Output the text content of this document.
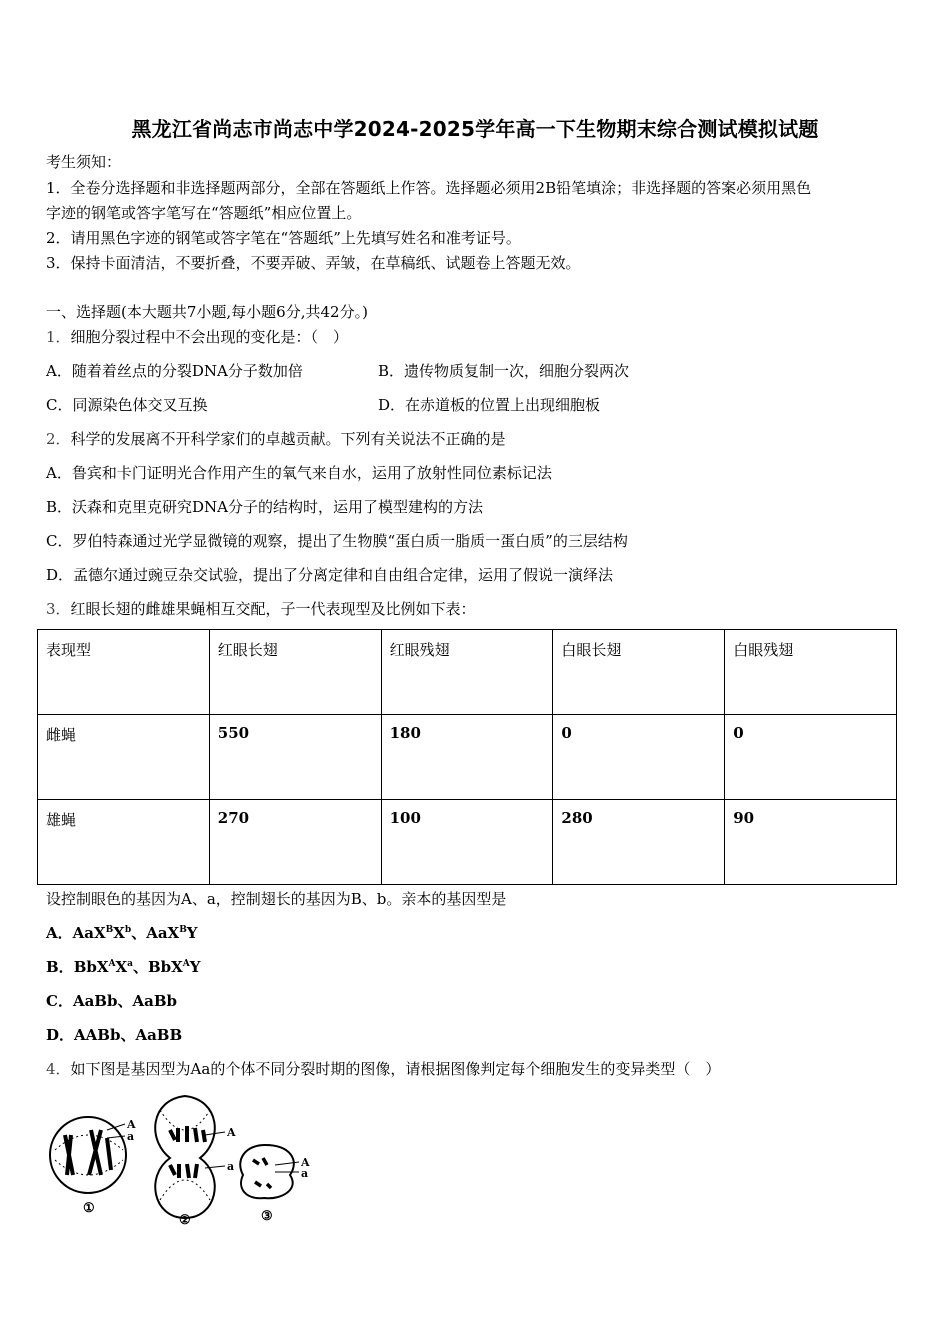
黑龙江省尚志市尚志中学2024-2025学年高一下生物期末综合测试模拟试题
考生须知：
1．全卷分选择题和非选择题两部分，全部在答题纸上作答。选择题必须用2B铅笔填涂；非选择题的答案必须用黑色
字迹的钢笔或答字笔写在“答题纸”相应位置上。
2．请用黑色字迹的钢笔或答字笔在“答题纸”上先填写姓名和准考证号。
3．保持卡面清洁，不要折叠，不要弄破、弄皱，在草稿纸、试题卷上答题无效。
一、选择题(本大题共7小题,每小题6分,共42分。)
1．细胞分裂过程中不会出现的变化是：（　）
A．随着着丝点的分裂DNA分子数加倍	B．遗传物质复制一次，细胞分裂两次
C．同源染色体交叉互换	D．在赤道板的位置上出现细胞板
2．科学的发展离不开科学家们的卓越贡献。下列有关说法不正确的是
A．鲁宾和卡门证明光合作用产生的氧气来自水，运用了放射性同位素标记法
B．沃森和克里克研究DNA分子的结构时，运用了模型建构的方法
C．罗伯特森通过光学显微镜的观察，提出了生物膜“蛋白质一脂质一蛋白质”的三层结构
D．孟德尔通过豌豆杂交试验，提出了分离定律和自由组合定律，运用了假说一演绎法
3．红眼长翅的雌雄果蝇相互交配，子一代表现型及比例如下表：
表现型	红眼长翅	红眼残翅	白眼长翅	白眼残翅
雌蝇	550	180	0	0
雄蝇	270	100	280	90
设控制眼色的基因为A、a，控制翅长的基因为B、b。亲本的基因型是
A．$AaX^BX^b$、AaX$^B$Y
B．$BbX^AX^a$、BbX$^A$Y
C．AaBb、AaBb
D．AABb、AaBB
4．如下图是基因型为Aa的个体不同分裂时期的图像，请根据图像判定每个细胞发生的变异类型（　）
A
a	A
a	A
a
①
②	③
